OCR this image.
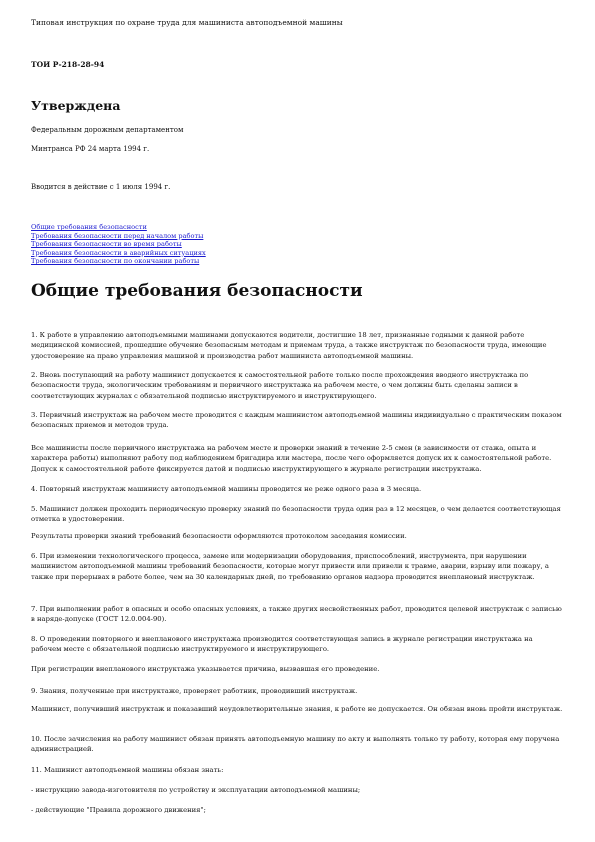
Типовая инструкция по охране труда для машиниста автоподъемной машины
ТОИ Р-218-28-94
Утверждена
Федеральным дорожным департаментом
Минтранса РФ 24 марта 1994 г.
Вводится в действие с 1 июля 1994 г.
Общие требования безопасности
Требования безопасности перед началом работы
Требования безопасности во время работы
Требования безопасности в аварийных ситуациях
Требования безопасности по окончании работы
Общие требования безопасности

1. К работе в управлению автоподъемными машинами допускаются водители, достигшие 18 лет, признанные годными к данной работе медицинской комиссией, прошедшие обучение безопасным методам и приемам труда, а также инструктаж по безопасности труда, имеющие удостоверение на право управления машиной и производства работ машиниста автоподъемной машины.

2. Вновь поступающий на работу машинист допускается к самостоятельной работе только после прохождения вводного инструктажа по безопасности труда, экологическим требованиям и первичного инструктажа на рабочем месте, о чем должны быть сделаны записи в соответствующих журналах с обязательной подписью инструктируемого и инструктирующего.

3. Первичный инструктаж на рабочем месте проводится с каждым машинистом автоподъемной машины индивидуально с практическим показом безопасных приемов и методов труда.

Все машинисты после первичного инструктажа на рабочем месте и проверки знаний в течение 2-5 смен (в зависимости от стажа, опыта и характера работы) выполняют работу под наблюдением бригадира или мастера, после чего оформляется допуск их к самостоятельной работе. Допуск к самостоятельной работе фиксируется датой и подписью инструктирующего в журнале регистрации инструктажа.

4. Повторный инструктаж машинисту автоподъемной машины проводится не реже одного раза в 3 месяца.

5. Машинист должен проходить периодическую проверку знаний по безопасности труда один раз в 12 месяцев, о чем делается соответствующая отметка в удостоверении.

Результаты проверки знаний требований безопасности оформляются протоколом заседания комиссии.

6. При изменении технологического процесса, замене или модернизации оборудования, приспособлений, инструмента, при нарушении машинистом автоподъемной машины требований безопасности, которые могут привести или привели к травме, аварии, взрыву или пожару, а также при перерывах в работе более, чем на 30 календарных дней, по требованию органов надзора проводится внеплановый инструктаж.

7. При выполнении работ в опасных и особо опасных условиях, а также других несвойственных работ, проводится целевой инструктаж с записью в наряде-допуске (ГОСТ 12.0.004-90).

8. О проведении повторного и внепланового инструктажа производится соответствующая запись в журнале регистрации инструктажа на рабочем месте с обязательной подписью инструктируемого и инструктирующего.

При регистрации внепланового инструктажа указывается причина, вызвавшая его проведение.

9. Знания, полученные при инструктаже, проверяет работник, проводивший инструктаж.

Машинист, получивший инструктаж и показавший неудовлетворительные знания, к работе не допускается. Он обязан вновь пройти инструктаж.

10. После зачисления на работу машинист обязан принять автоподъемную машину по акту и выполнять только ту работу, которая ему поручена администрацией.

11. Машинист автоподъемной машины обязан знать:

- инструкцию завода-изготовителя по устройству и эксплуатации автоподъемной машины;

- действующие "Правила дорожного движения";
